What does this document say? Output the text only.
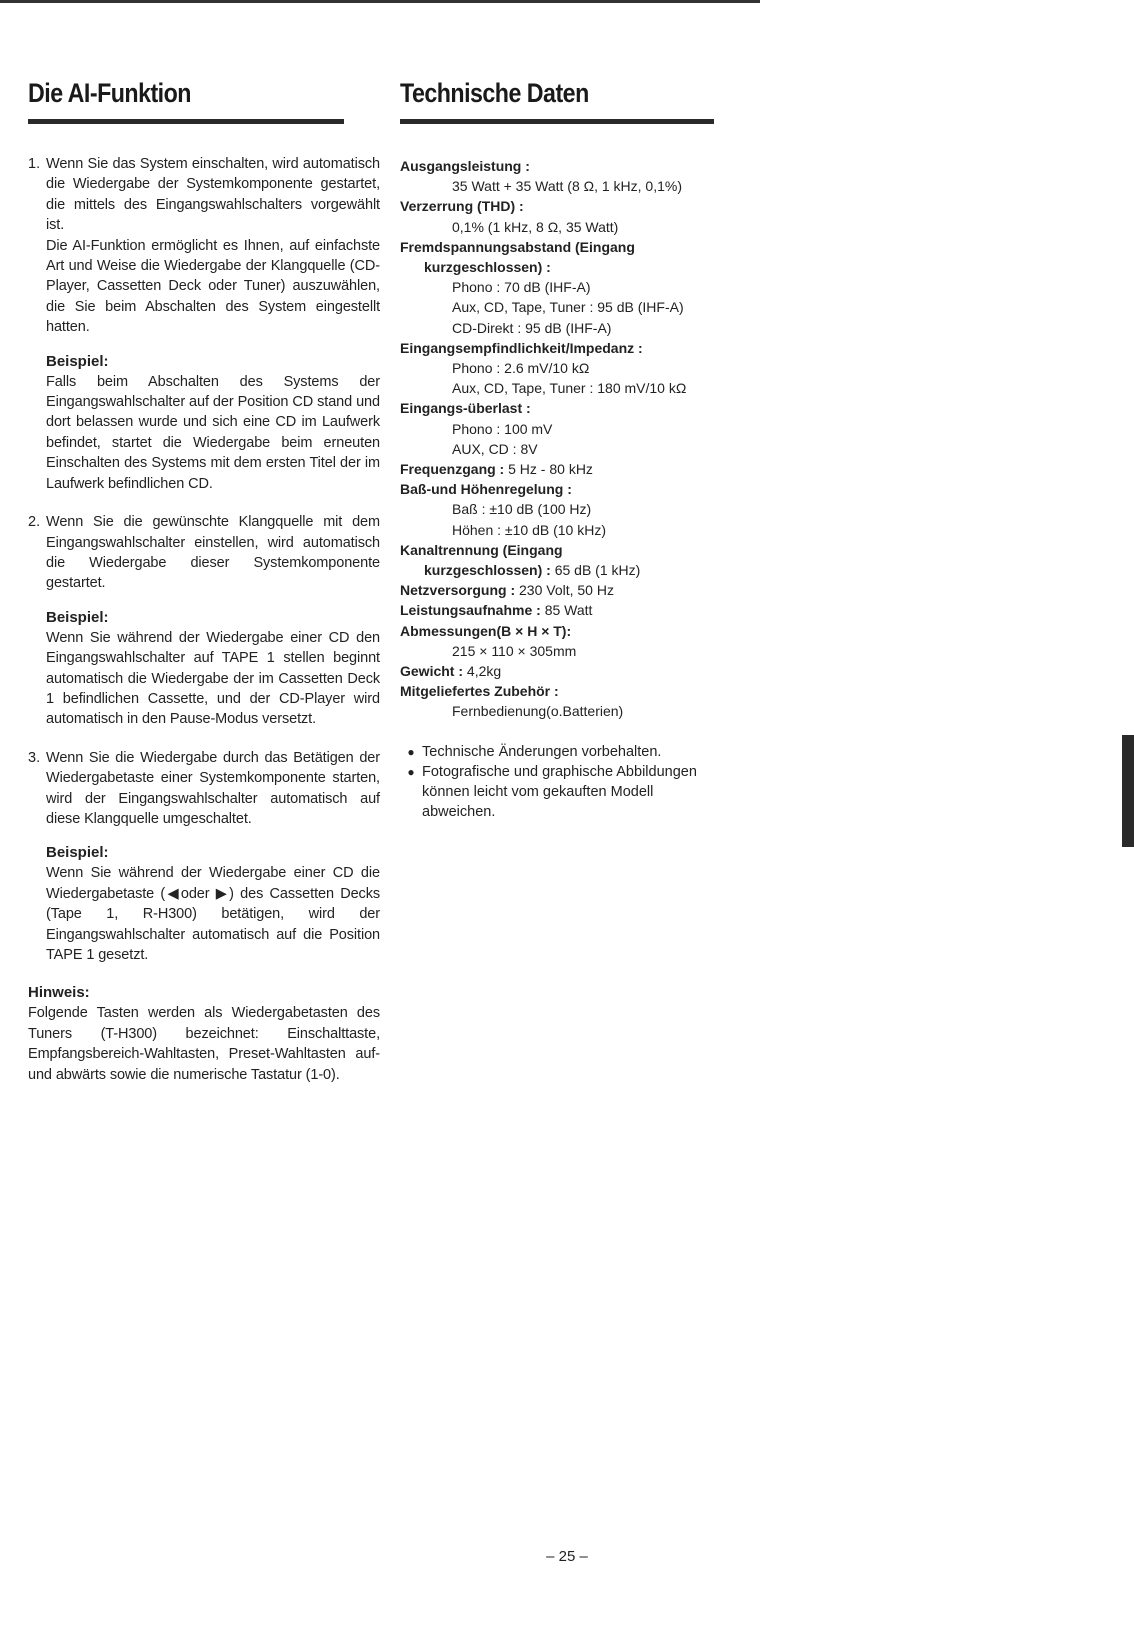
Die AI-Funktion
1. Wenn Sie das System einschalten, wird automatisch die Wiedergabe der Systemkomponente gestartet, die mittels des Eingangswahlschalters vorgewählt ist.

Die AI-Funktion ermöglicht es Ihnen, auf einfachste Art und Weise die Wiedergabe der Klangquelle (CD-Player, Cassetten Deck oder Tuner) auszuwählen, die Sie beim Abschalten des System eingestellt hatten.

Beispiel:

Falls beim Abschalten des Systems der Eingangswahlschalter auf der Position CD stand und dort belassen wurde und sich eine CD im Laufwerk befindet, startet die Wiedergabe beim erneuten Einschalten des Systems mit dem ersten Titel der im Laufwerk befindlichen CD.

2. Wenn Sie die gewünschte Klangquelle mit dem Eingangswahlschalter einstellen, wird automatisch die Wiedergabe dieser Systemkomponente gestartet.

Beispiel:

Wenn Sie während der Wiedergabe einer CD den Eingangswahlschalter auf TAPE 1 stellen beginnt automatisch die Wiedergabe der im Cassetten Deck 1 befindlichen Cassette, und der CD-Player wird automatisch in den Pause-Modus versetzt.

3. Wenn Sie die Wiedergabe durch das Betätigen der Wiedergabetaste einer Systemkomponente starten, wird der Eingangswahlschalter automatisch auf diese Klangquelle umgeschaltet.

Beispiel:

Wenn Sie während der Wiedergabe einer CD die Wiedergabetaste (◀oder ▶) des Cassetten Decks (Tape 1, R-H300) betätigen, wird der Eingangswahlschalter automatisch auf die Position TAPE 1 gesetzt.

Hinweis:

Folgende Tasten werden als Wiedergabetasten des Tuners (T-H300) bezeichnet: Einschalttaste, Empfangsbereich-Wahltasten, Preset-Wahltasten auf-und abwärts sowie die numerische Tastatur (1-0).

Technische Daten
Ausgangsleistung :
35 Watt + 35 Watt (8 Ω, 1 kHz, 0,1%)
Verzerrung (THD) :
0,1% (1 kHz, 8 Ω, 35 Watt)
Fremdspannungsabstand (Eingang
kurzgeschlossen) :
Phono : 70 dB (IHF-A)
Aux, CD, Tape, Tuner : 95 dB (IHF-A)
CD-Direkt : 95 dB (IHF-A)
Eingangsempfindlichkeit/Impedanz :
Phono : 2.6 mV/10 kΩ
Aux, CD, Tape, Tuner : 180 mV/10 kΩ
Eingangs-überlast :
Phono : 100 mV
AUX, CD : 8V
Frequenzgang : 5 Hz - 80 kHz
Baß-und Höhenregelung :
Baß : ±10 dB (100 Hz)
Höhen : ±10 dB (10 kHz)
Kanaltrennung (Eingang
kurzgeschlossen) : 65 dB (1 kHz)
Netzversorgung : 230 Volt, 50 Hz
Leistungsaufnahme : 85 Watt
Abmessungen(B × H × T):
215 × 110 × 305mm
Gewicht : 4,2kg
Mitgeliefertes Zubehör :
Fernbedienung(o.Batterien)
● Technische Änderungen vorbehalten.
● Fotografische und graphische Abbildungen können leicht vom gekauften Modell abweichen.
– 25 –
